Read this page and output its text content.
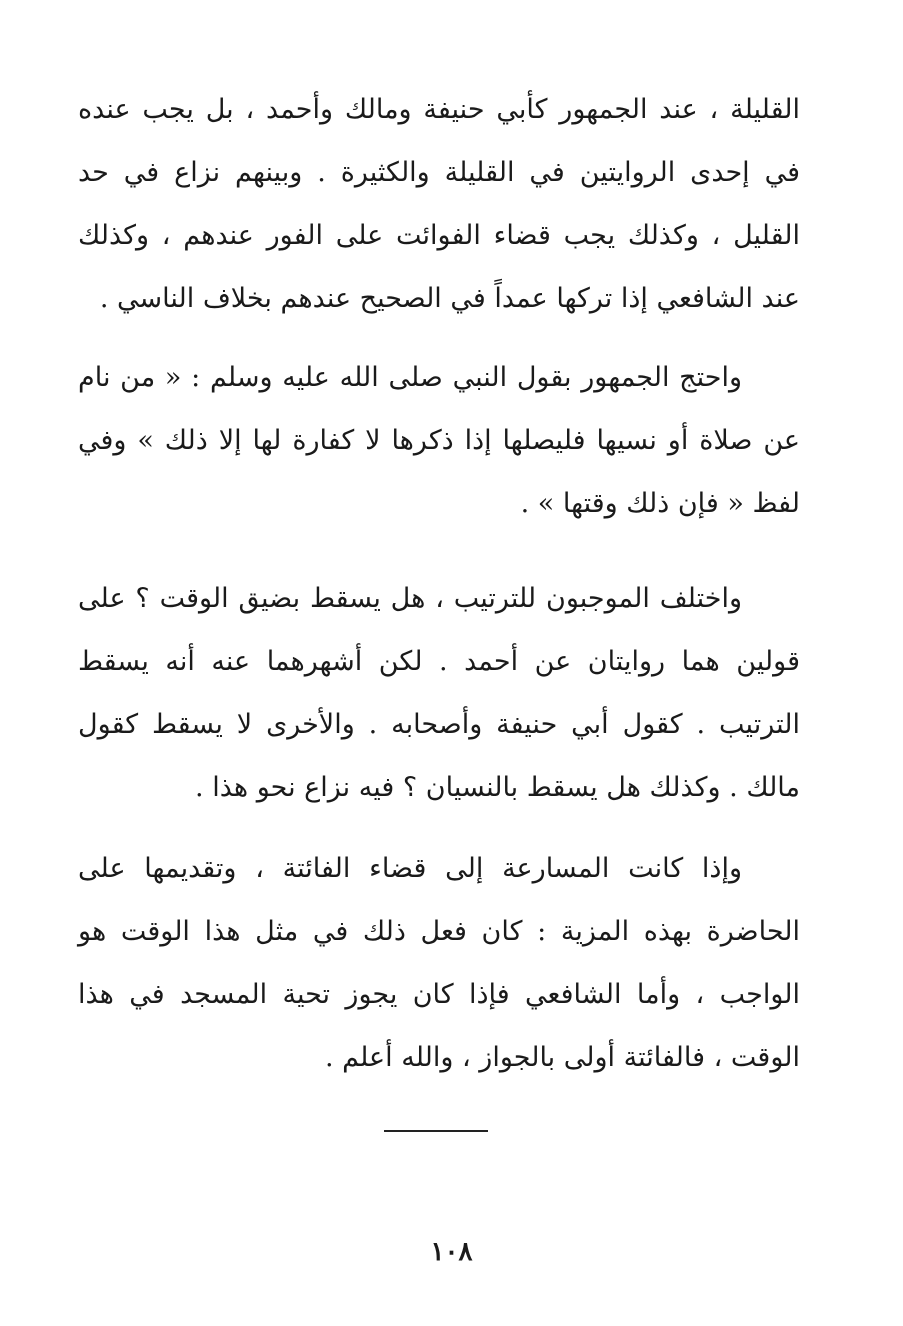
القليلة ، عند الجمهور كأبي حنيفة ومالك وأحمد ، بل يجب عنده في إحدى الروايتين في القليلة والكثيرة . وبينهم نزاع في حد القليل ، وكذلك يجب قضاء الفوائت على الفور عندهم ، وكذلك عند الشافعي إذا تركها عمداً في الصحيح عندهم بخلاف الناسي .

واحتج الجمهور بقول النبي صلى الله عليه وسلم : « من نام عن صلاة أو نسيها فليصلها إذا ذكرها لا كفارة لها إلا ذلك » وفي لفظ « فإن ذلك وقتها » .

واختلف الموجبون للترتيب ، هل يسقط بضيق الوقت ؟ على قولين هما روايتان عن أحمد . لكن أشهرهما عنه أنه يسقط الترتيب . كقول أبي حنيفة وأصحابه . والأخرى لا يسقط كقول مالك . وكذلك هل يسقط بالنسيان ؟ فيه نزاع نحو هذا .

وإذا كانت المسارعة إلى قضاء الفائتة ، وتقديمها على الحاضرة بهذه المزية : كان فعل ذلك في مثل هذا الوقت هو الواجب ، وأما الشافعي فإذا كان يجوز تحية المسجد في هذا الوقت ، فالفائتة أولى بالجواز ، والله أعلم .

١٠٨
